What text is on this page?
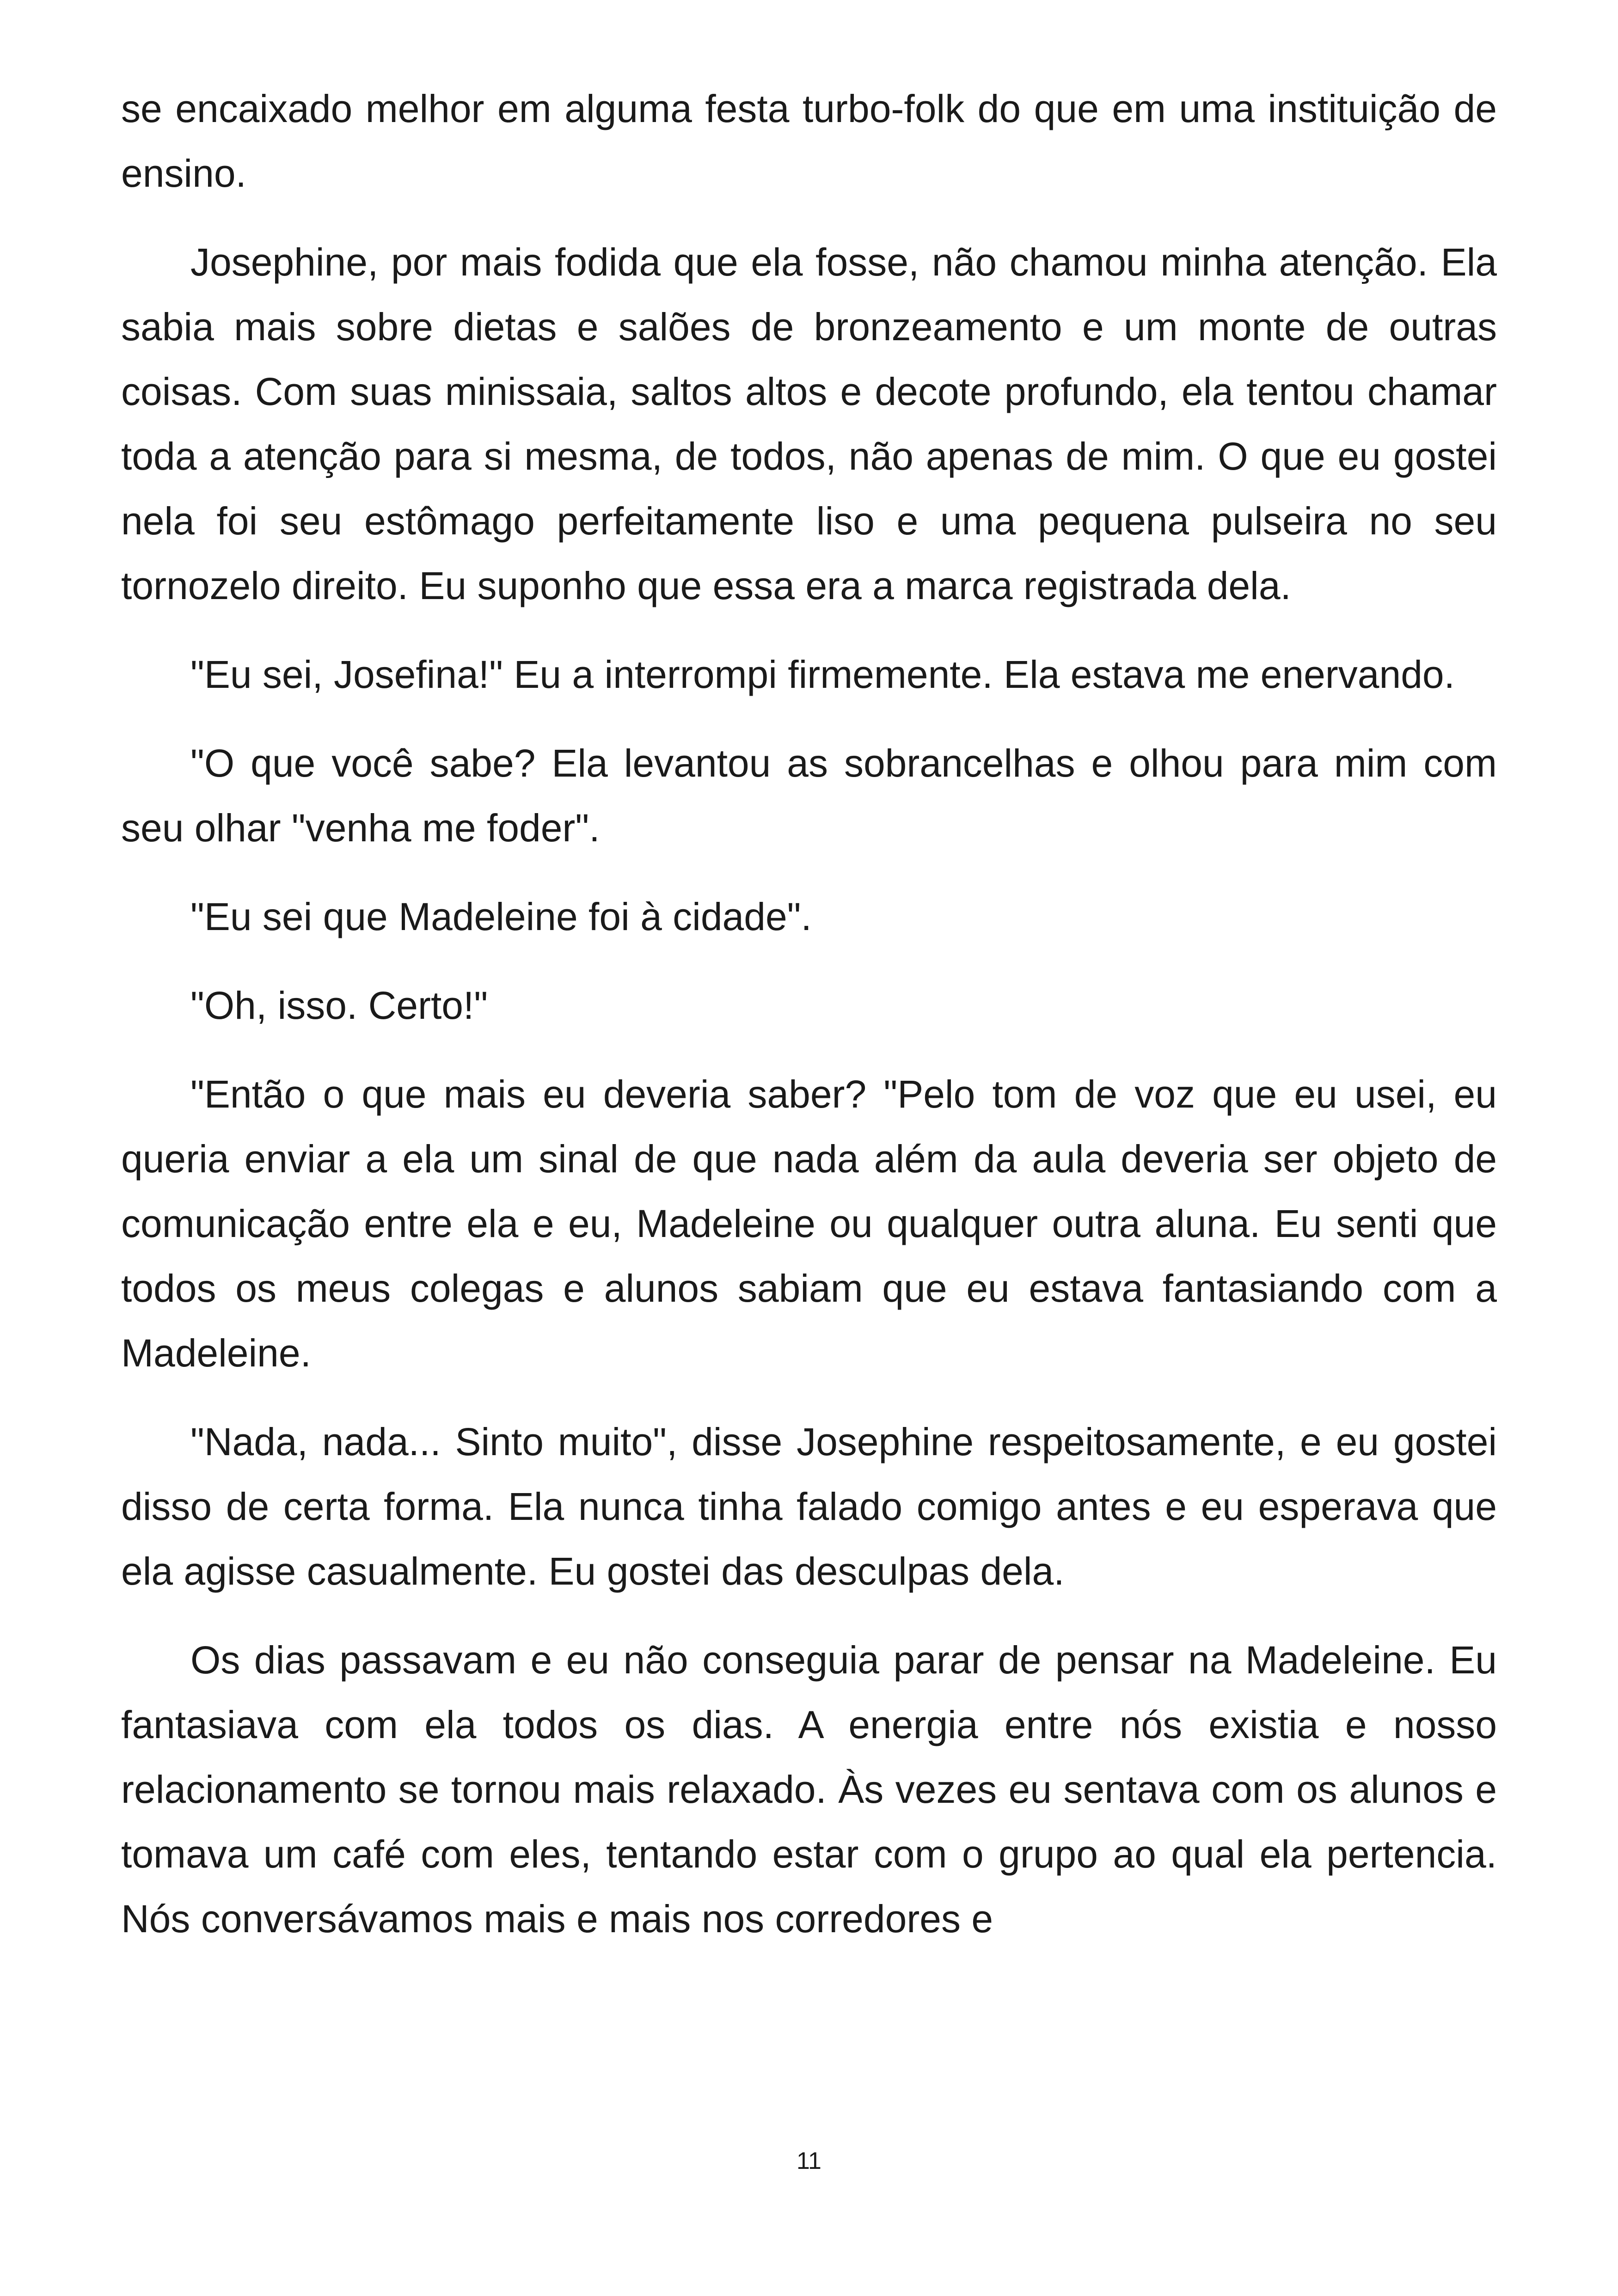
se encaixado melhor em alguma festa turbo-folk do que em uma instituição de ensino.

Josephine, por mais fodida que ela fosse, não chamou minha atenção. Ela sabia mais sobre dietas e salões de bronzeamento e um monte de outras coisas. Com suas minissaia, saltos altos e decote profundo, ela tentou chamar toda a atenção para si mesma, de todos, não apenas de mim. O que eu gostei nela foi seu estômago perfeitamente liso e uma pequena pulseira no seu tornozelo direito. Eu suponho que essa era a marca registrada dela.

"Eu sei, Josefina!" Eu a interrompi firmemente. Ela estava me enervando.

"O que você sabe? Ela levantou as sobrancelhas e olhou para mim com seu olhar "venha me foder".

"Eu sei que Madeleine foi à cidade".

"Oh, isso. Certo!"

"Então o que mais eu deveria saber? "Pelo tom de voz que eu usei, eu queria enviar a ela um sinal de que nada além da aula deveria ser objeto de comunicação entre ela e eu, Madeleine ou qualquer outra aluna. Eu senti que todos os meus colegas e alunos sabiam que eu estava fantasiando com a Madeleine.

"Nada, nada... Sinto muito", disse Josephine respeitosamente, e eu gostei disso de certa forma. Ela nunca tinha falado comigo antes e eu esperava que ela agisse casualmente. Eu gostei das desculpas dela.

Os dias passavam e eu não conseguia parar de pensar na Madeleine. Eu fantasiava com ela todos os dias. A energia entre nós existia e nosso relacionamento se tornou mais relaxado. Às vezes eu sentava com os alunos e tomava um café com eles, tentando estar com o grupo ao qual ela pertencia. Nós conversávamos mais e mais nos corredores e

11
